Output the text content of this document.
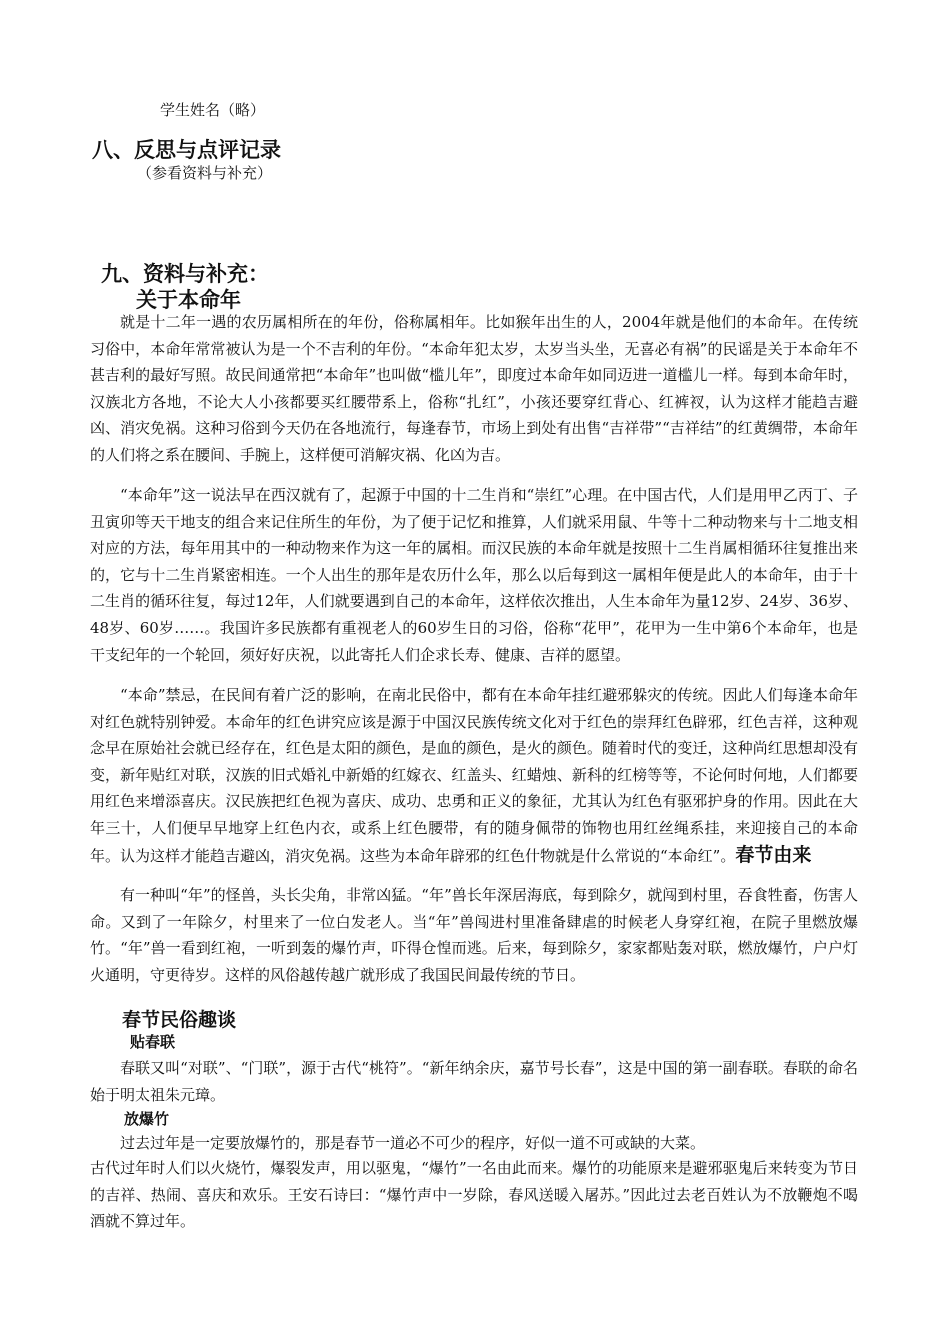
学生姓名（略）
八、反思与点评记录
（参看资料与补充）
九、资料与补充：
关于本命年

就是十二年一遇的农历属相所在的年份，俗称属相年。比如猴年出生的人，2004年就是他们的本命年。在传统习俗中，本命年常常被认为是一个不吉利的年份。“本命年犯太岁，太岁当头坐，无喜必有祸”的民谣是关于本命年不甚吉利的最好写照。故民间通常把“本命年”也叫做“槛儿年”，即度过本命年如同迈进一道槛儿一样。每到本命年时，汉族北方各地，不论大人小孩都要买红腰带系上，俗称“扎红”，小孩还要穿红背心、红裤衩，认为这样才能趋吉避凶、消灾免祸。这种习俗到今天仍在各地流行，每逢春节，市场上到处有出售“吉祥带”“吉祥结”的红黄绸带，本命年的人们将之系在腰间、手腕上，这样便可消解灾祸、化凶为吉。

“本命年”这一说法早在西汉就有了，起源于中国的十二生肖和“崇红”心理。在中国古代，人们是用甲乙丙丁、子丑寅卯等天干地支的组合来记住所生的年份，为了便于记忆和推算，人们就采用鼠、牛等十二种动物来与十二地支相对应的方法，每年用其中的一种动物来作为这一年的属相。而汉民族的本命年就是按照十二生肖属相循环往复推出来的，它与十二生肖紧密相连。一个人出生的那年是农历什么年，那么以后每到这一属相年便是此人的本命年，由于十二生肖的循环往复，每过12年，人们就要遇到自己的本命年，这样依次推出，人生本命年为量12岁、24岁、36岁、48岁、60岁……。我国许多民族都有重视老人的60岁生日的习俗，俗称“花甲”，花甲为一生中第6个本命年，也是干支纪年的一个轮回，须好好庆祝，以此寄托人们企求长寿、健康、吉祥的愿望。

“本命”禁忌，在民间有着广泛的影响，在南北民俗中，都有在本命年挂红避邪躲灾的传统。因此人们每逢本命年对红色就特别钟爱。本命年的红色讲究应该是源于中国汉民族传统文化对于红色的崇拜红色辟邪，红色吉祥，这种观念早在原始社会就已经存在，红色是太阳的颜色，是血的颜色，是火的颜色。随着时代的变迁，这种尚红思想却没有变，新年贴红对联，汉族的旧式婚礼中新婚的红嫁衣、红盖头、红蜡烛、新科的红榜等等，不论何时何地，人们都要用红色来增添喜庆。汉民族把红色视为喜庆、成功、忠勇和正义的象征，尤其认为红色有驱邪护身的作用。因此在大年三十，人们便早早地穿上红色内衣，或系上红色腰带，有的随身佩带的饰物也用红丝绳系挂，来迎接自己的本命年。认为这样才能趋吉避凶，消灾免祸。这些为本命年辟邪的红色什物就是什么常说的“本命红”。春节由来

有一种叫“年”的怪兽，头长尖角，非常凶猛。“年”兽长年深居海底，每到除夕，就闯到村里，吞食牲畜，伤害人命。又到了一年除夕，村里来了一位白发老人。当“年”兽闯进村里准备肆虐的时候老人身穿红袍，在院子里燃放爆竹。“年”兽一看到红袍，一听到轰的爆竹声，吓得仓惶而逃。后来，每到除夕，家家都贴轰对联，燃放爆竹，户户灯火通明，守更待岁。这样的风俗越传越广就形成了我国民间最传统的节日。

春节民俗趣谈
贴春联

春联又叫“对联”、“门联”，源于古代“桃符”。“新年纳余庆，嘉节号长春”，这是中国的第一副春联。春联的命名始于明太祖朱元璋。

放爆竹

过去过年是一定要放爆竹的，那是春节一道必不可少的程序，好似一道不可或缺的大菜。

古代过年时人们以火烧竹，爆裂发声，用以驱鬼，“爆竹”一名由此而来。爆竹的功能原来是避邪驱鬼后来转变为节日的吉祥、热闹、喜庆和欢乐。王安石诗曰：“爆竹声中一岁除，春风送暖入屠苏。”因此过去老百姓认为不放鞭炮不喝酒就不算过年。
